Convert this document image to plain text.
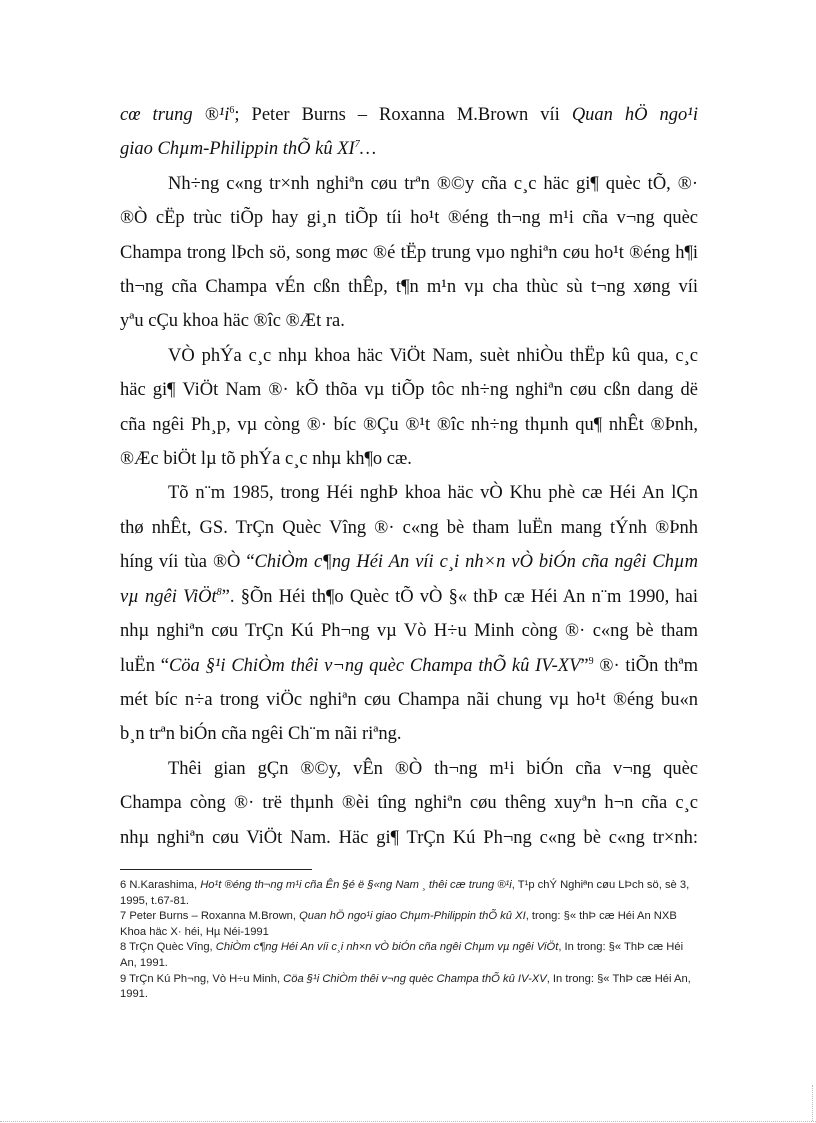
cœ trung $®^1i^6$; Peter Burns – Roxanna M.Brown víi Quan hÖ ngo¹i
giao Chµm-Philippin thÕ kû $XI^7\dots$

Nh÷ng c«ng tr×nh nghiªn cøu trªn ®©y cña c¸c häc gi¶ quèc tÕ, ®·
®Ò cËp trùc tiÕp hay gi¸n tiÕp tíi ho¹t ®éng th¬ng m¹i cña v¬ng quèc
Champa trong lÞch sö, song møc ®é tËp trung vµo nghiªn cøu ho¹t ®éng h¶i
th¬ng cña Champa vÉn cßn thÊp, t¶n m¹n vµ cha thùc sù t¬ng xøng víi
yªu cÇu khoa häc ®îc ®Æt ra.

VÒ phÝa c¸c nhµ khoa häc ViÖt Nam, suèt nhiÒu thËp kû qua, c¸c
häc gi¶ ViÖt Nam ®· kÕ thõa vµ tiÕp tôc nh÷ng nghiªn cøu cßn dang dë
cña ngêi Ph¸p, vµ còng ®· bíc ®Çu ®¹t ®îc nh÷ng thµnh qu¶ nhÊt ®Þnh,
®Æc biÖt lµ tõ phÝa c¸c nhµ kh¶o cæ.

Tõ n¨m 1985, trong Héi nghÞ khoa häc vÒ Khu phè cæ Héi An lÇn
thø nhÊt, GS. TrÇn Quèc Vîng ®· c«ng bè tham luËn mang tÝnh ®Þnh
híng víi tùa ®Ò “ChiÒm c¶ng Héi An víi c¸i nh×n vÒ biÓn cña ngêi Chµm
vµ ngêi ViÖt$^8$”. §Õn Héi th¶o Quèc tÕ vÒ §« thÞ cæ Héi An n¨m 1990, hai
nhµ nghiªn cøu TrÇn Kú Ph¬ng vµ Vò H÷u Minh còng ®· c«ng bè tham
luËn “Cöa §¹i ChiÒm thêi v¬ng quèc Champa thÕ kû IV-XV”$^9$ ®· tiÕn thªm
mét bíc n÷a trong viÖc nghiªn cøu Champa nãi chung vµ ho¹t ®éng bu«n
b¸n trªn biÓn cña ngêi Ch¨m nãi riªng.

Thêi gian gÇn ®©y, vÊn ®Ò th¬ng m¹i biÓn cña v¬ng quèc
Champa còng ®· trë thµnh ®èi tîng nghiªn cøu thêng xuyªn h¬n cña c¸c
nhµ nghiªn cøu ViÖt Nam. Häc gi¶ TrÇn Kú Ph¬ng c«ng bè c«ng tr×nh:

6 N.Karashima, Ho¹t ®éng th¬ng m¹i cña Ên §é ë §«ng Nam ¸ thêi cæ trung ®¹i, T¹p chÝ Nghiªn cøu LÞch sö, sè 3, 1995, t.67-81.

7 Peter Burns – Roxanna M.Brown, Quan hÖ ngo¹i giao Chµm-Philippin thÕ kû XI, trong: §« thÞ cæ Héi An NXB Khoa häc X· héi, Hµ Néi-1991

8 TrÇn Quèc Vîng, ChiÒm c¶ng Héi An víi c¸i nh×n vÒ biÓn cña ngêi Chµm vµ ngêi ViÖt, In trong: §« ThÞ cæ Héi An, 1991.

9 TrÇn Kú Ph¬ng, Vò H÷u Minh, Cöa §¹i ChiÒm thêi v¬ng quèc Champa thÕ kû IV-XV, In trong: §« ThÞ cæ Héi An, 1991.
